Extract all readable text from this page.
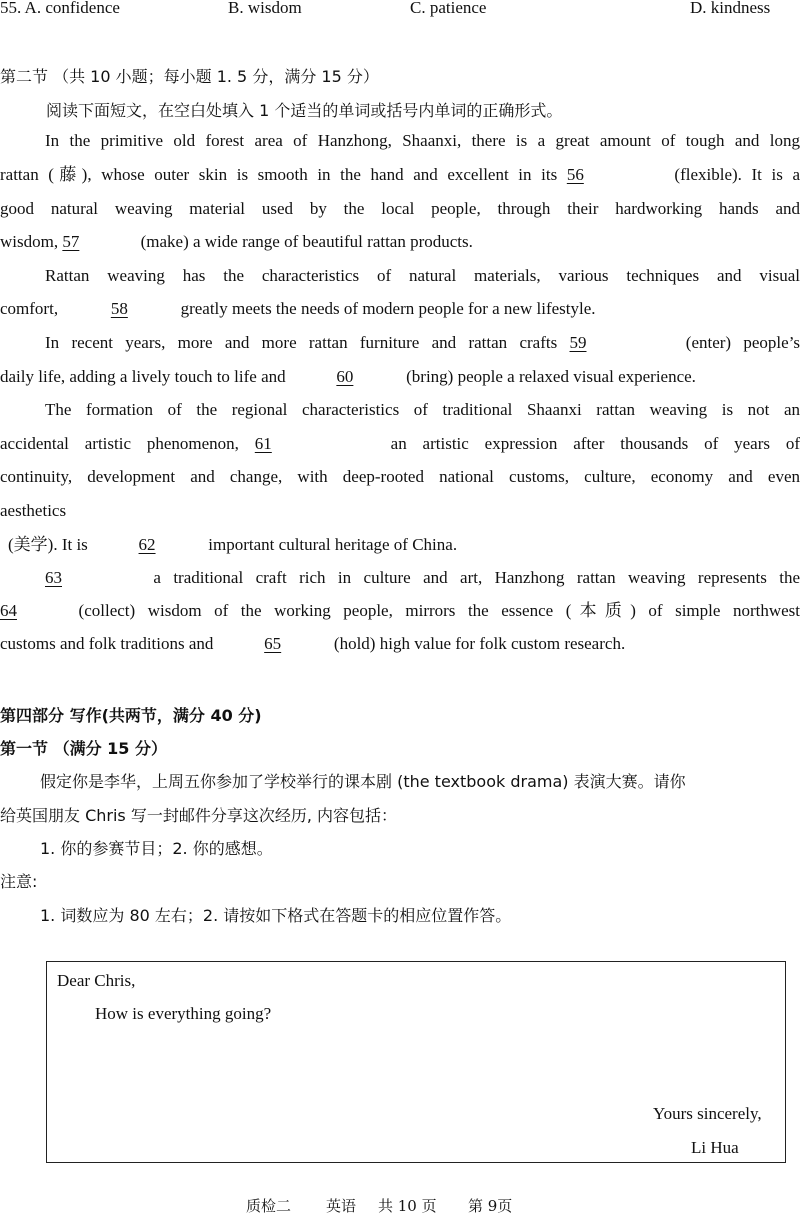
55. A. confidence	B. wisdom	C. patience	D. kindness
第二节 （共 10 小题；每小题 1. 5 分，满分 15 分）
阅读下面短文，在空白处填入 1 个适当的单词或括号内单词的正确形式。
In the primitive old forest area of Hanzhong, Shaanxi, there is a great amount of tough and long
rattan (藤), whose outer skin is smooth in the hand and excellent in its 56	(flexible). It is a
good natural weaving material used by the local people, through their hardworking hands and
wisdom, 57	(make) a wide range of beautiful rattan products.
Rattan weaving has the characteristics of natural materials, various techniques and visual
comfort,	58	greatly meets the needs of modern people for a new lifestyle.
In recent years, more and more rattan furniture and rattan crafts 59	(enter) people’s
daily life, adding a lively touch to life and	60	(bring) people a relaxed visual experience.
The formation of the regional characteristics of traditional Shaanxi rattan weaving is not an
accidental artistic phenomenon, 61	an artistic expression after thousands of years of
continuity, development and change, with deep-rooted national customs, culture, economy and even
aesthetics
(美学). It is	62	important cultural heritage of China.
63	a traditional craft rich in culture and art, Hanzhong rattan weaving represents the
64	(collect) wisdom of the working people, mirrors the essence (本质) of simple northwest
customs and folk traditions and	65	(hold) high value for folk custom research.
第四部分 写作(共两节，满分 40 分)
第一节 （满分 15 分）
假定你是李华，上周五你参加了学校举行的课本剧 (the textbook drama) 表演大赛。请你
给英国朋友 Chris 写一封邮件分享这次经历, 内容包括：
1. 你的参赛节目；2. 你的感想。
注意:
1. 词数应为 80 左右；2. 请按如下格式在答题卡的相应位置作答。
Dear Chris,
How is everything going?
Yours sincerely,
Li Hua
质检二 英语 共 10 页 第 9页
